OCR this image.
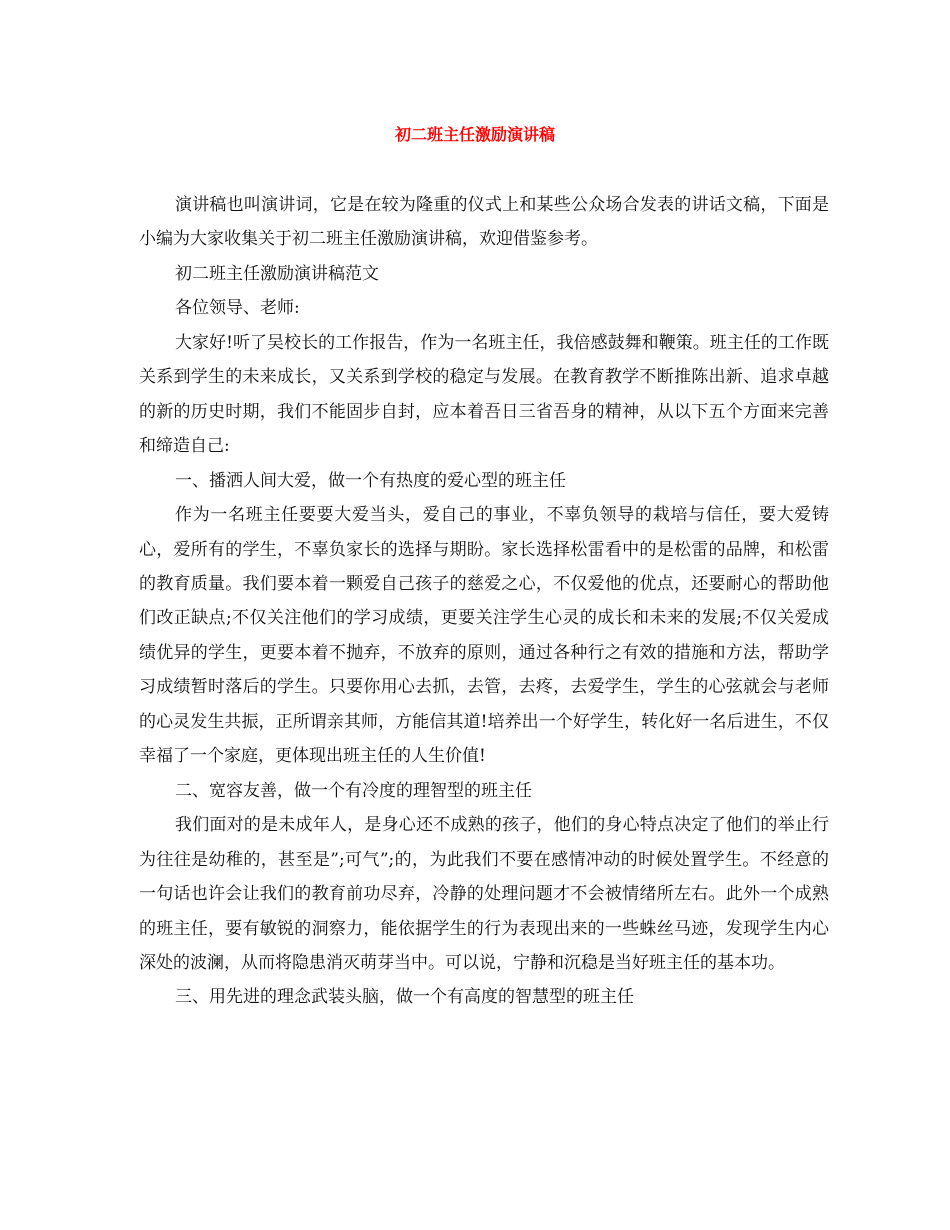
初二班主任激励演讲稿

演讲稿也叫演讲词，它是在较为隆重的仪式上和某些公众场合发表的讲话文稿，下面是小编为大家收集关于初二班主任激励演讲稿，欢迎借鉴参考。

初二班主任激励演讲稿范文

各位领导、老师:

大家好!听了吴校长的工作报告，作为一名班主任，我倍感鼓舞和鞭策。班主任的工作既关系到学生的未来成长，又关系到学校的稳定与发展。在教育教学不断推陈出新、追求卓越的新的历史时期，我们不能固步自封，应本着吾日三省吾身的精神，从以下五个方面来完善和缔造自己:

一、播洒人间大爱，做一个有热度的爱心型的班主任

作为一名班主任要要大爱当头，爱自己的事业，不辜负领导的栽培与信任，要大爱铸心，爱所有的学生，不辜负家长的选择与期盼。家长选择松雷看中的是松雷的品牌，和松雷的教育质量。我们要本着一颗爱自己孩子的慈爱之心，不仅爱他的优点，还要耐心的帮助他们改正缺点;不仅关注他们的学习成绩，更要关注学生心灵的成长和未来的发展;不仅关爱成绩优异的学生，更要本着不抛弃，不放弃的原则，通过各种行之有效的措施和方法，帮助学习成绩暂时落后的学生。只要你用心去抓，去管，去疼，去爱学生，学生的心弦就会与老师的心灵发生共振，正所谓亲其师，方能信其道!培养出一个好学生，转化好一名后进生，不仅幸福了一个家庭，更体现出班主任的人生价值!

二、宽容友善，做一个有冷度的理智型的班主任

我们面对的是未成年人，是身心还不成熟的孩子，他们的身心特点决定了他们的举止行为往往是幼稚的，甚至是”;可气”;的，为此我们不要在感情冲动的时候处置学生。不经意的一句话也许会让我们的教育前功尽弃，冷静的处理问题才不会被情绪所左右。此外一个成熟的班主任，要有敏锐的洞察力，能依据学生的行为表现出来的一些蛛丝马迹，发现学生内心深处的波澜，从而将隐患消灭萌芽当中。可以说，宁静和沉稳是当好班主任的基本功。

三、用先进的理念武装头脑，做一个有高度的智慧型的班主任
